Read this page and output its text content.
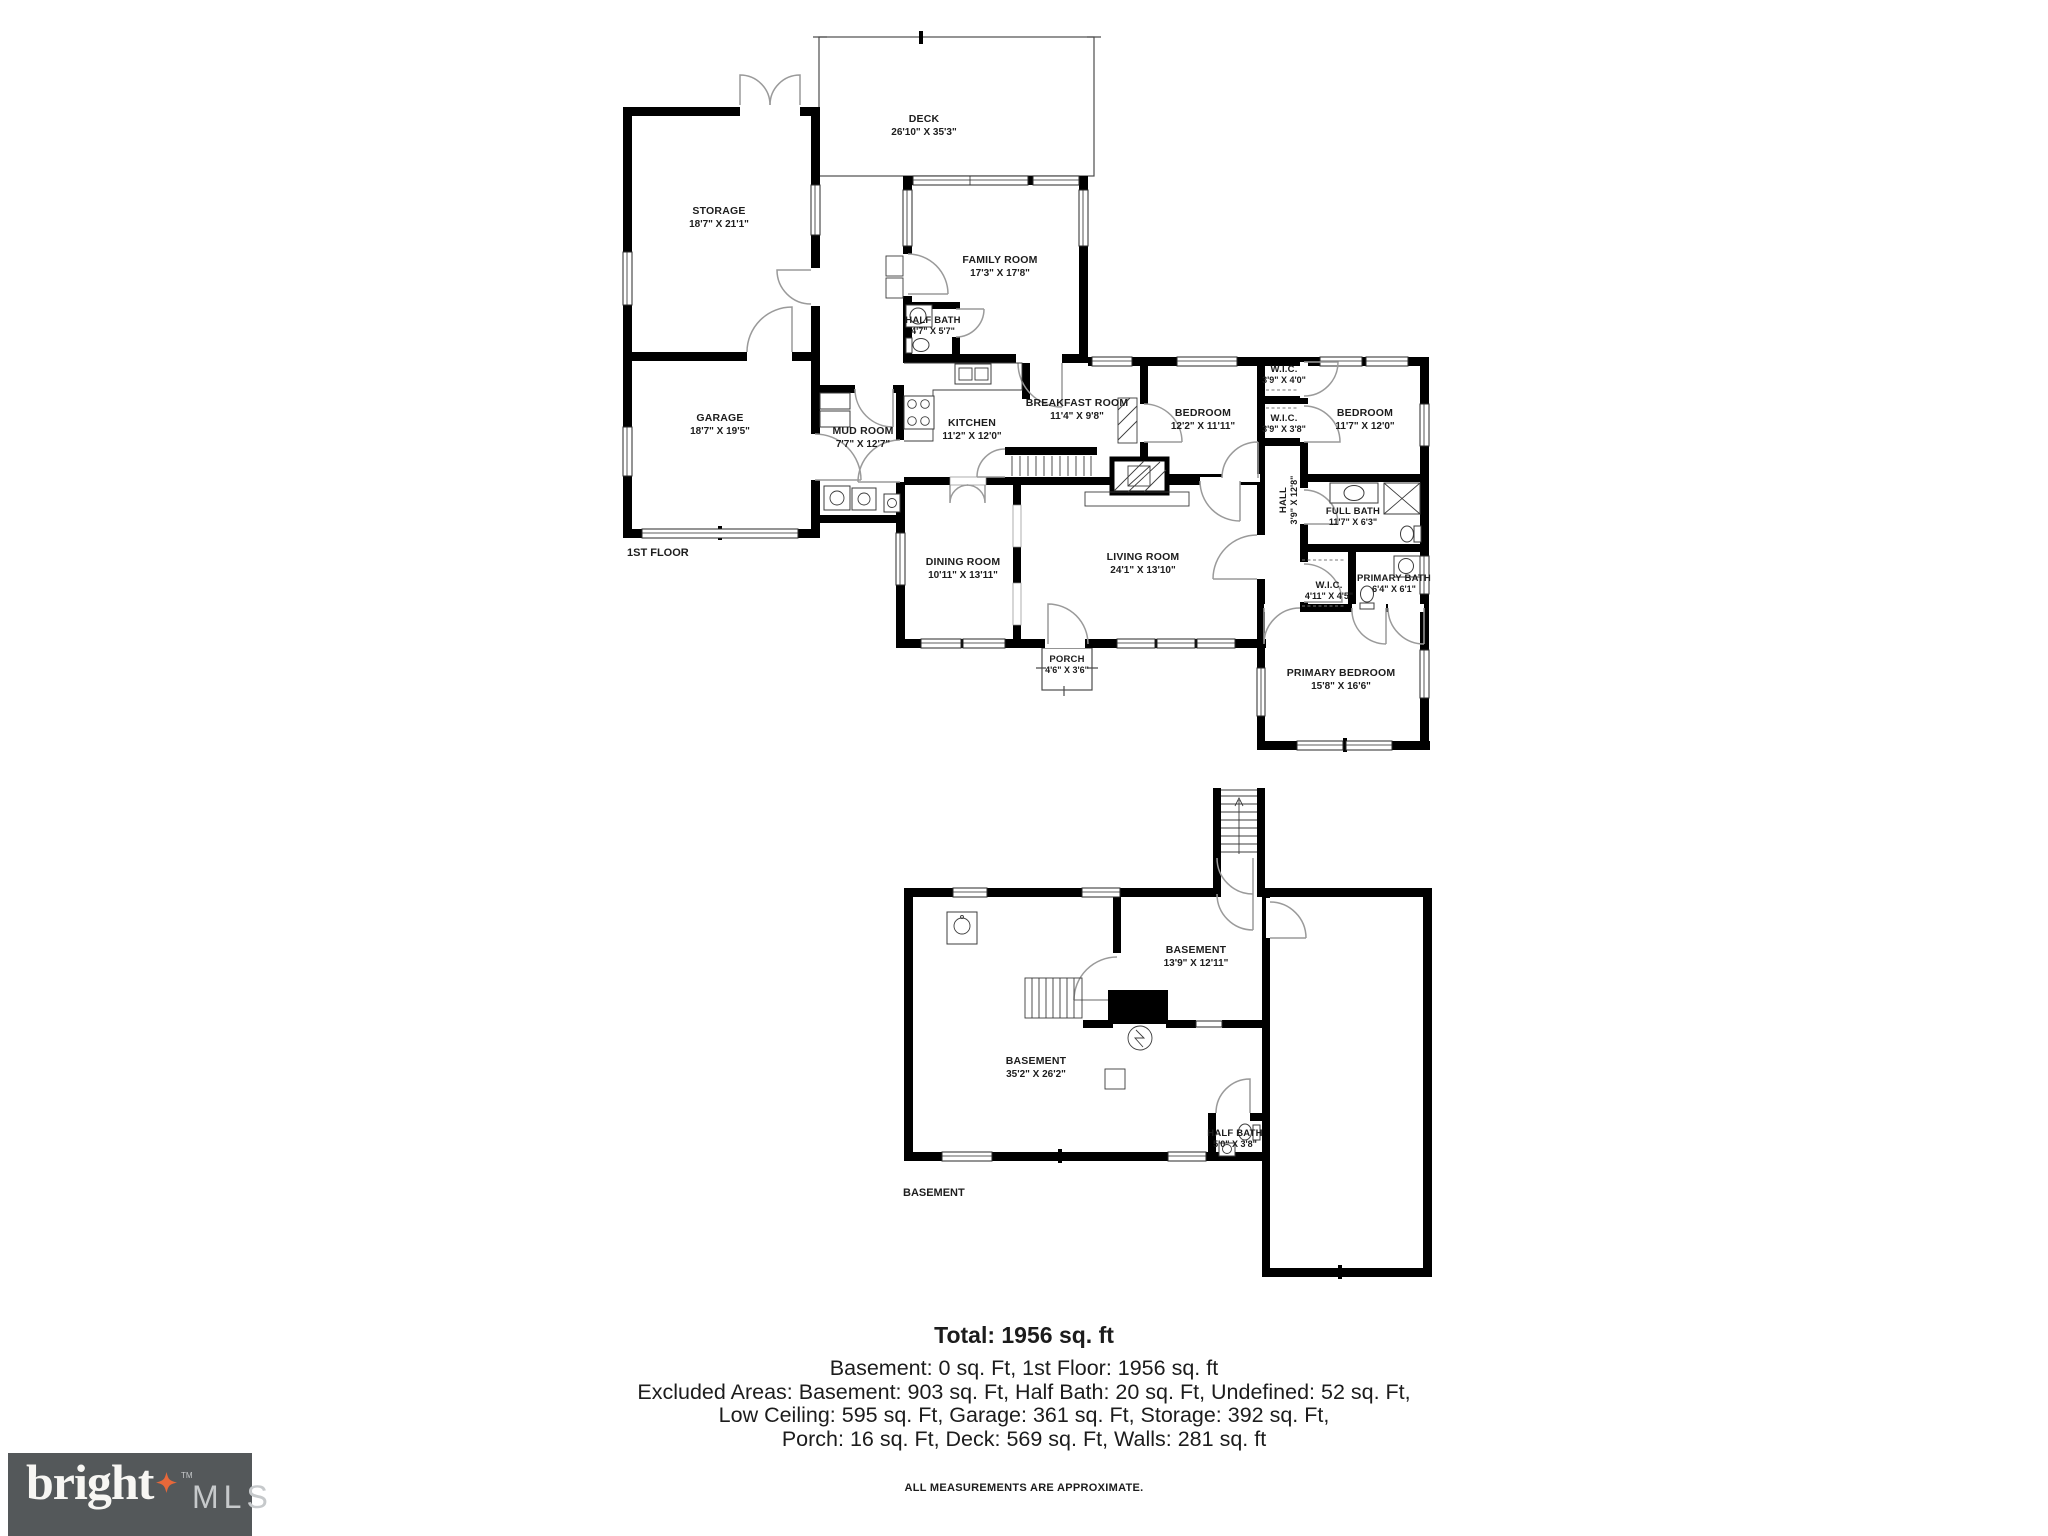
STORAGE
18'7" X 21'1"
GARAGE
18'7" X 19'5"
DECK
26'10" X 35'3"
FAMILY ROOM
17'3" X 17'8"
HALF BATH
4'7" X 5'7"
MUD ROOM
7'7" X 12'7"
KITCHEN
11'2" X 12'0"
BREAKFAST ROOM
11'4" X 9'8"	BEDROOM
12'2" X 11'11"
W.I.C.
3'9" X 4'0"
W.I.C.
3'9" X 3'8"
BEDROOM
11'7" X 12'0"
HALL 3'9" X 12'8"	FULL BATH
11'7" X 6'3"
W.I.C.
4'11" X 4'5"
PRIMARY BATH
6'4" X 6'1"
DINING ROOM
10'11" X 13'11"
LIVING ROOM
24'1" X 13'10"
PORCH
4'6" X 3'6"	PRIMARY BEDROOM
15'8" X 16'6"
BASEMENT
13'9" X 12'11"
BASEMENT
35'2" X 26'2"
HALF BATH
5'0" X 3'8"
1ST FLOOR
BASEMENT
Total: 1956 sq. ft
Basement: 0 sq. Ft, 1st Floor: 1956 sq. ft
Excluded Areas: Basement: 903 sq. Ft, Half Bath: 20 sq. Ft, Undefined: 52 sq. Ft,
Low Ceiling: 595 sq. Ft, Garage: 361 sq. Ft, Storage: 392 sq. Ft,
Porch: 16 sq. Ft, Deck: 569 sq. Ft, Walls: 281 sq. ft
ALL MEASUREMENTS ARE APPROXIMATE.
bright	TM
MLS
